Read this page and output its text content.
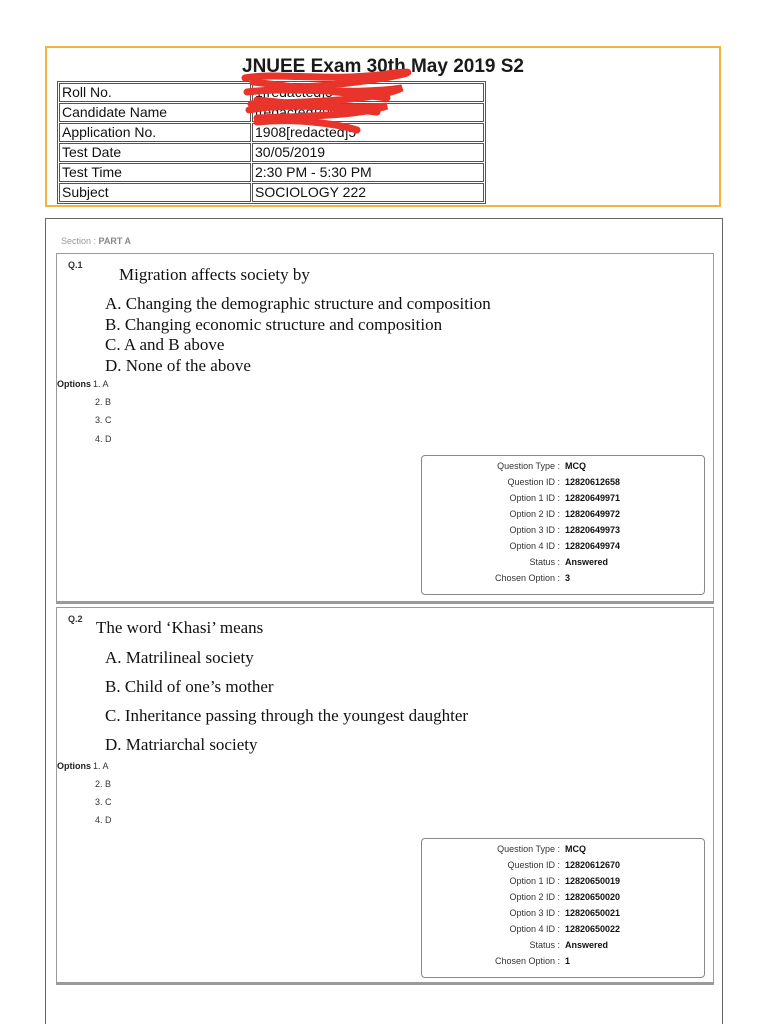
JNUEE Exam 30th May 2019 S2
Roll No.	1[redacted]5
Candidate Name	[redacted]AN
Application No.	1908[redacted]5
Test Date	30/05/2019
Test Time	2:30 PM - 5:30 PM
Subject	SOCIOLOGY 222
Section : PART A
Q.1 Migration affects society by
A. Changing the demographic structure and composition
B. Changing economic structure and composition
C. A and B above
D. None of the above
Options 1. A
2. B
3. C
4. D
Question Type : MCQ
Question ID : 12820612658
Option 1 ID : 12820649971
Option 2 ID : 12820649972
Option 3 ID : 12820649973
Option 4 ID : 12820649974
Status : Answered
Chosen Option : 3
Q.2 The word ‘Khasi’ means
A. Matrilineal society
B. Child of one’s mother
C. Inheritance passing through the youngest daughter
D. Matriarchal society
Options 1. A
2. B
3. C
4. D
Question Type : MCQ
Question ID : 12820612670
Option 1 ID : 12820650019
Option 2 ID : 12820650020
Option 3 ID : 12820650021
Option 4 ID : 12820650022
Status : Answered
Chosen Option : 1
